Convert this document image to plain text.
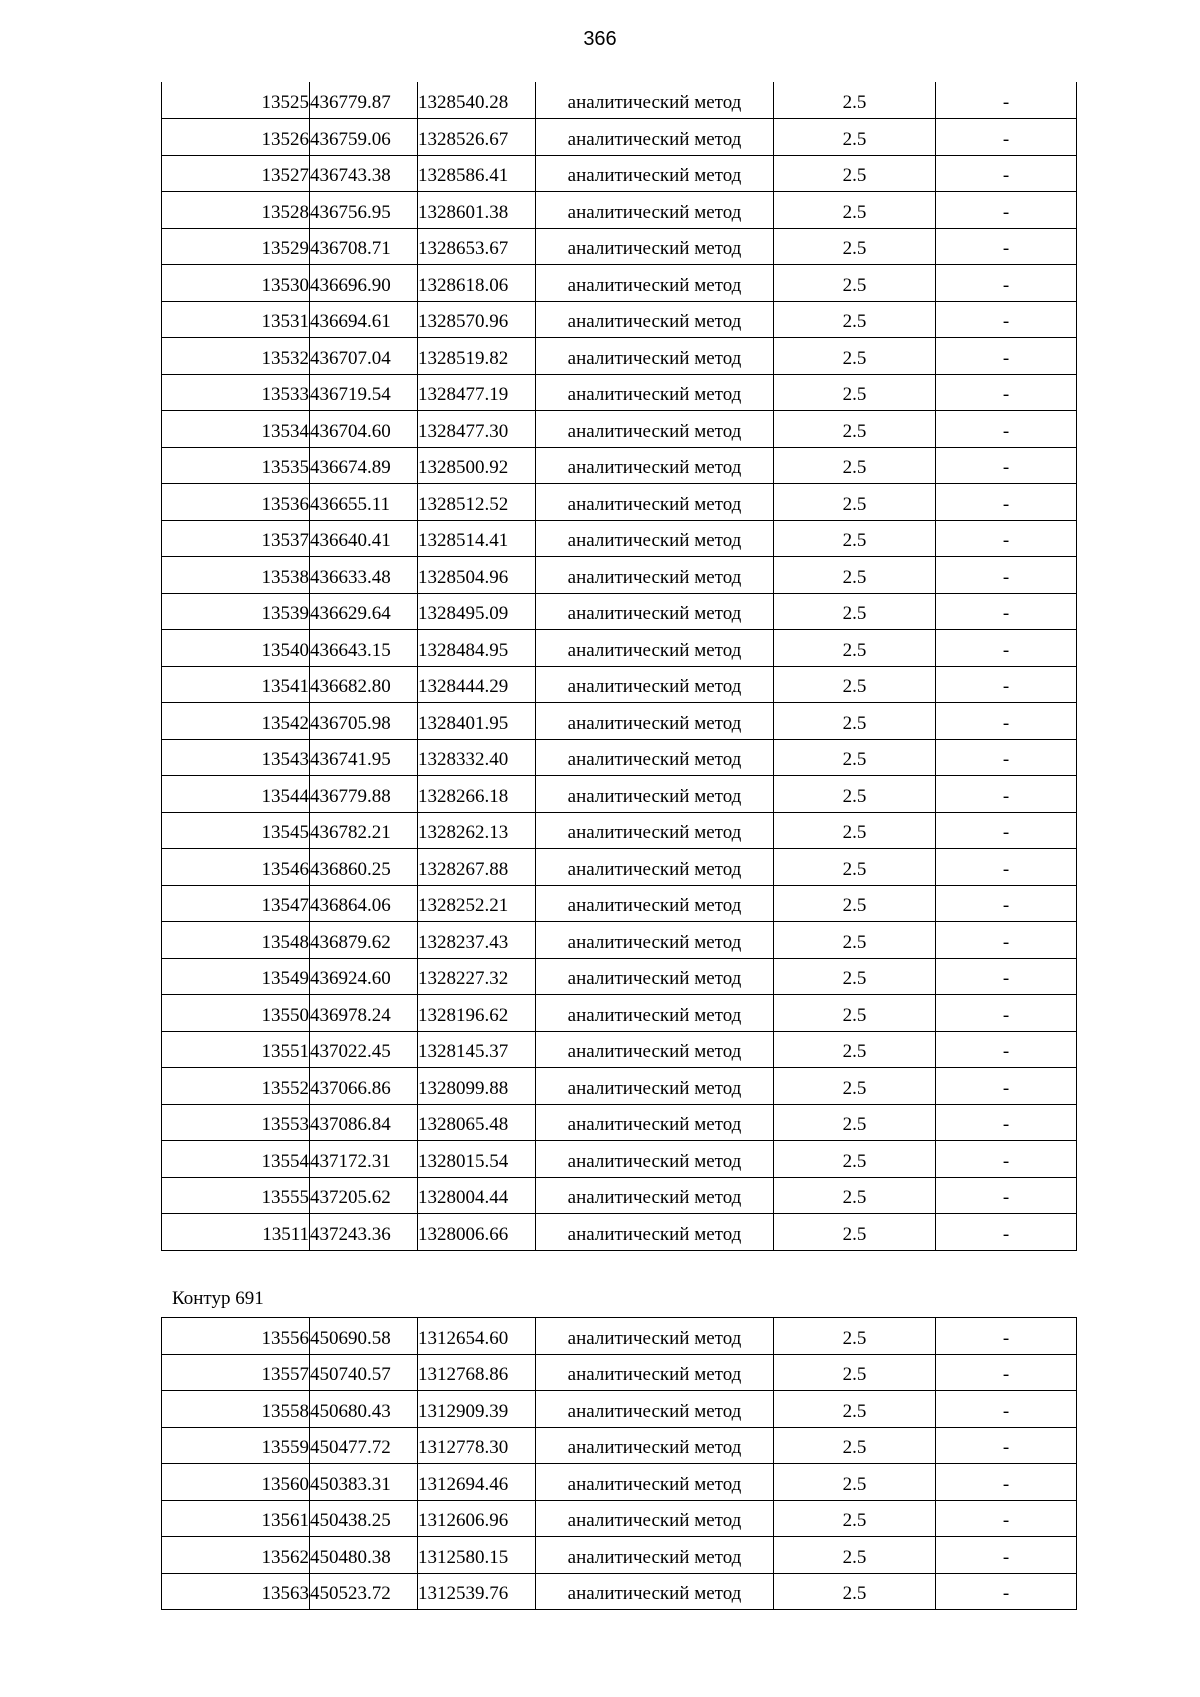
366
13525	436779.87	1328540.28	аналитический метод	2.5	-
13526	436759.06	1328526.67	аналитический метод	2.5	-
13527	436743.38	1328586.41	аналитический метод	2.5	-
13528	436756.95	1328601.38	аналитический метод	2.5	-
13529	436708.71	1328653.67	аналитический метод	2.5	-
13530	436696.90	1328618.06	аналитический метод	2.5	-
13531	436694.61	1328570.96	аналитический метод	2.5	-
13532	436707.04	1328519.82	аналитический метод	2.5	-
13533	436719.54	1328477.19	аналитический метод	2.5	-
13534	436704.60	1328477.30	аналитический метод	2.5	-
13535	436674.89	1328500.92	аналитический метод	2.5	-
13536	436655.11	1328512.52	аналитический метод	2.5	-
13537	436640.41	1328514.41	аналитический метод	2.5	-
13538	436633.48	1328504.96	аналитический метод	2.5	-
13539	436629.64	1328495.09	аналитический метод	2.5	-
13540	436643.15	1328484.95	аналитический метод	2.5	-
13541	436682.80	1328444.29	аналитический метод	2.5	-
13542	436705.98	1328401.95	аналитический метод	2.5	-
13543	436741.95	1328332.40	аналитический метод	2.5	-
13544	436779.88	1328266.18	аналитический метод	2.5	-
13545	436782.21	1328262.13	аналитический метод	2.5	-
13546	436860.25	1328267.88	аналитический метод	2.5	-
13547	436864.06	1328252.21	аналитический метод	2.5	-
13548	436879.62	1328237.43	аналитический метод	2.5	-
13549	436924.60	1328227.32	аналитический метод	2.5	-
13550	436978.24	1328196.62	аналитический метод	2.5	-
13551	437022.45	1328145.37	аналитический метод	2.5	-
13552	437066.86	1328099.88	аналитический метод	2.5	-
13553	437086.84	1328065.48	аналитический метод	2.5	-
13554	437172.31	1328015.54	аналитический метод	2.5	-
13555	437205.62	1328004.44	аналитический метод	2.5	-
13511	437243.36	1328006.66	аналитический метод	2.5	-
Контур 691
13556	450690.58	1312654.60	аналитический метод	2.5	-
13557	450740.57	1312768.86	аналитический метод	2.5	-
13558	450680.43	1312909.39	аналитический метод	2.5	-
13559	450477.72	1312778.30	аналитический метод	2.5	-
13560	450383.31	1312694.46	аналитический метод	2.5	-
13561	450438.25	1312606.96	аналитический метод	2.5	-
13562	450480.38	1312580.15	аналитический метод	2.5	-
13563	450523.72	1312539.76	аналитический метод	2.5	-
